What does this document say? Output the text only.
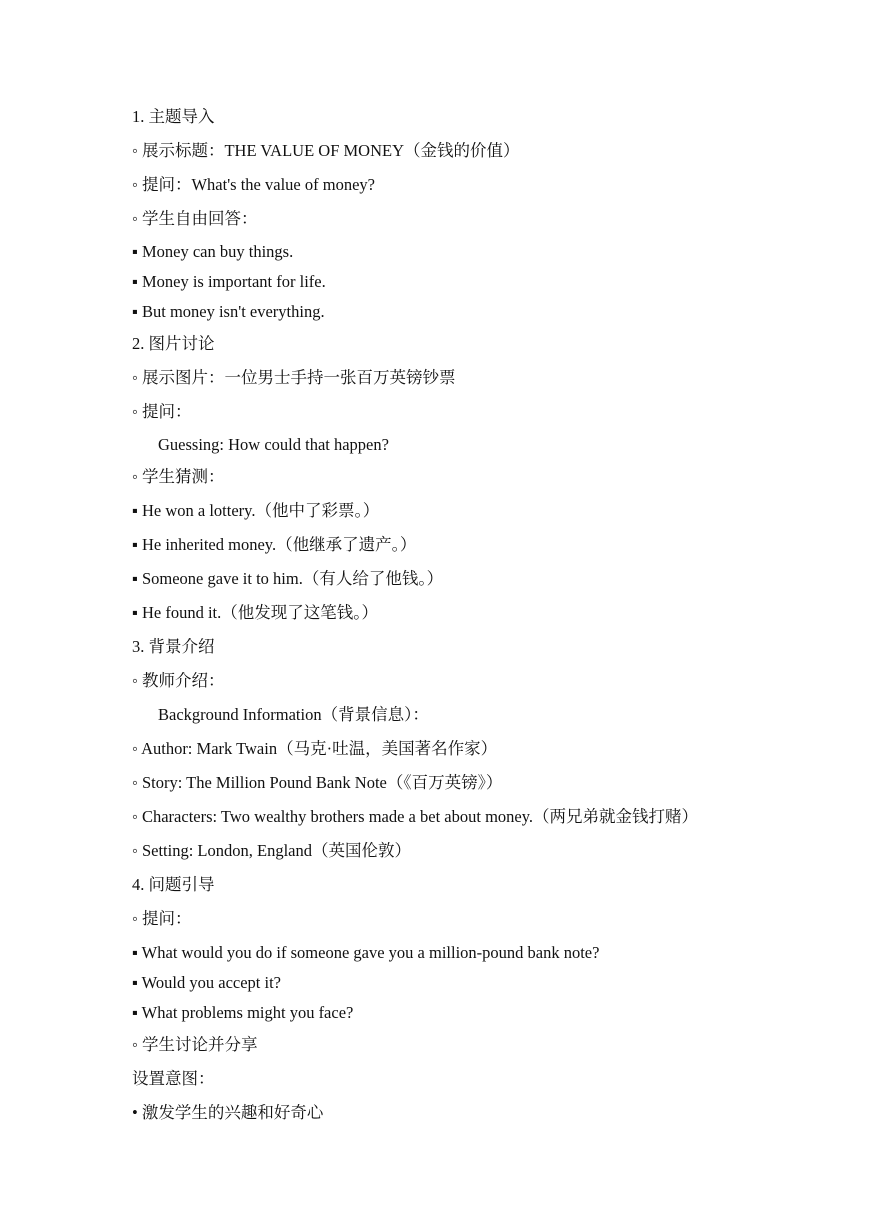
1. 主题导入
◦ 展示标题：THE VALUE OF MONEY（金钱的价值）
◦ 提问：What's the value of money?
◦ 学生自由回答：
▪ Money can buy things.
▪ Money is important for life.
▪ But money isn't everything.
2. 图片讨论
◦ 展示图片：一位男士手持一张百万英镑钞票
◦ 提问：
Guessing: How could that happen?
◦ 学生猜测：
▪ He won a lottery.（他中了彩票。）
▪ He inherited money.（他继承了遗产。）
▪ Someone gave it to him.（有人给了他钱。）
▪ He found it.（他发现了这笔钱。）
3. 背景介绍
◦ 教师介绍：
Background Information（背景信息）：
◦ Author: Mark Twain（马克·吐温，美国著名作家）
◦ Story: The Million Pound Bank Note（《百万英镑》）
◦ Characters: Two wealthy brothers made a bet about money.（两兄弟就金钱打赌）
◦ Setting: London, England（英国伦敦）
4. 问题引导
◦ 提问：
▪ What would you do if someone gave you a million-pound bank note?
▪ Would you accept it?
▪ What problems might you face?
◦ 学生讨论并分享
设置意图：
• 激发学生的兴趣和好奇心
